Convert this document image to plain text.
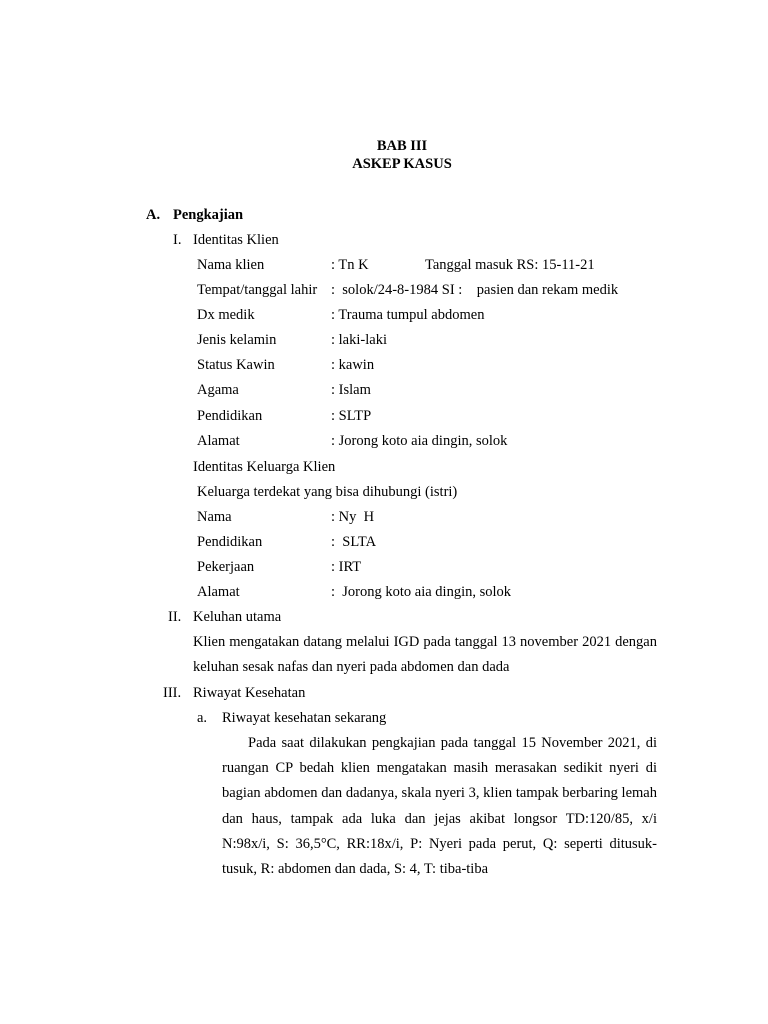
BAB III
ASKEP KASUS
A. Pengkajian
I. Identitas Klien
Nama klien	: Tn K	Tanggal masuk RS: 15-11-21
Tempat/tanggal lahir :  solok/24-8-1984 SI :    pasien dan rekam medik
Dx medik	: Trauma tumpul abdomen
Jenis kelamin	: laki-laki
Status Kawin	: kawin
Agama	: Islam
Pendidikan	: SLTP
Alamat	: Jorong koto aia dingin, solok
Identitas Keluarga Klien
Keluarga terdekat yang bisa dihubungi (istri)
Nama	: Ny  H
Pendidikan	:  SLTA
Pekerjaan	: IRT
Alamat	:  Jorong koto aia dingin, solok
II. Keluhan utama
Klien mengatakan datang melalui IGD pada tanggal 13 november 2021 dengan keluhan sesak nafas dan nyeri pada abdomen dan dada
III. Riwayat Kesehatan
a. Riwayat kesehatan sekarang
Pada saat dilakukan pengkajian pada tanggal 15 November 2021, di ruangan CP bedah klien mengatakan masih merasakan sedikit nyeri di bagian abdomen dan dadanya, skala nyeri 3, klien tampak berbaring lemah dan haus, tampak ada luka dan jejas akibat longsor TD:120/85, x/i N:98x/i, S: 36,5°C, RR:18x/i, P: Nyeri pada perut, Q: seperti ditusuk-tusuk, R: abdomen dan dada, S: 4, T: tiba-tiba
